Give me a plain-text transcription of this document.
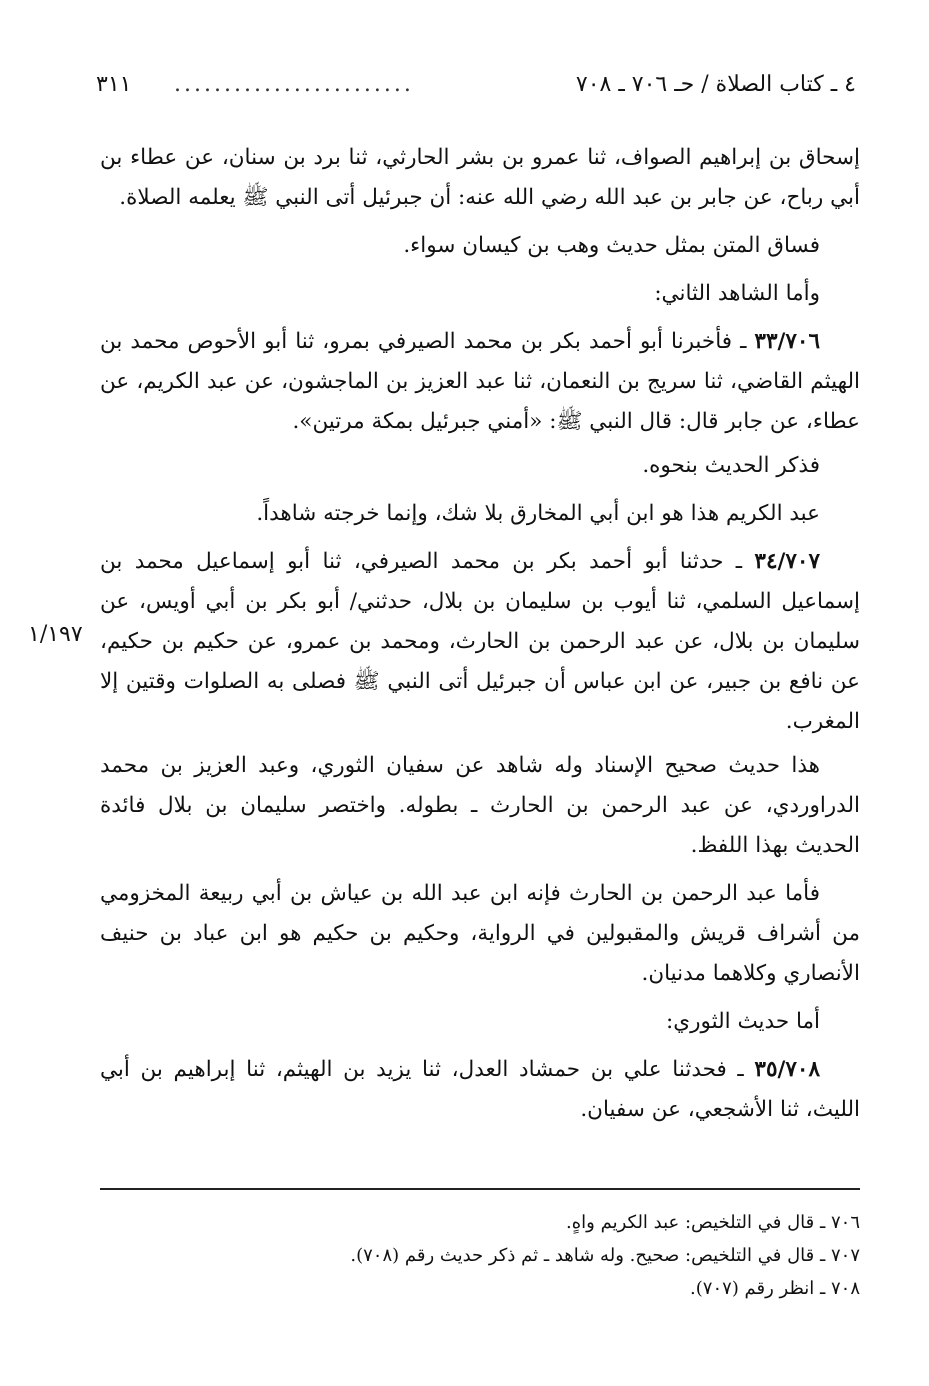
٤ ـ كتاب الصلاة / حـ ٧٠٦ ـ ٧٠٨
........................
٣١١
١/١٩٧

إسحاق بن إبراهيم الصواف، ثنا عمرو بن بشر الحارثي، ثنا برد بن سنان، عن عطاء بن أبي رباح، عن جابر بن عبد الله رضي الله عنه: أن جبرئيل أتى النبي ﷺ يعلمه الصلاة.

فساق المتن بمثل حديث وهب بن كيسان سواء.

وأما الشاهد الثاني:

٣٣/٧٠٦ ـ فأخبرنا أبو أحمد بكر بن محمد الصيرفي بمرو، ثنا أبو الأحوص محمد بن الهيثم القاضي، ثنا سريج بن النعمان، ثنا عبد العزيز بن الماجشون، عن عبد الكريم، عن عطاء، عن جابر قال: قال النبي ﷺ: «أمني جبرئيل بمكة مرتين».

فذكر الحديث بنحوه.

عبد الكريم هذا هو ابن أبي المخارق بلا شك، وإنما خرجته شاهداً.

٣٤/٧٠٧ ـ حدثنا أبو أحمد بكر بن محمد الصيرفي، ثنا أبو إسماعيل محمد بن إسماعيل السلمي، ثنا أيوب بن سليمان بن بلال، حدثني/ أبو بكر بن أبي أويس، عن سليمان بن بلال، عن عبد الرحمن بن الحارث، ومحمد بن عمرو، عن حكيم بن حكيم، عن نافع بن جبير، عن ابن عباس أن جبرئيل أتى النبي ﷺ فصلى به الصلوات وقتين إلا المغرب.

هذا حديث صحيح الإسناد وله شاهد عن سفيان الثوري، وعبد العزيز بن محمد الدراوردي، عن عبد الرحمن بن الحارث ـ بطوله. واختصر سليمان بن بلال فائدة الحديث بهذا اللفظ.

فأما عبد الرحمن بن الحارث فإنه ابن عبد الله بن عياش بن أبي ربيعة المخزومي من أشراف قريش والمقبولين في الرواية، وحكيم بن حكيم هو ابن عباد بن حنيف الأنصاري وكلاهما مدنيان.

أما حديث الثوري:

٣٥/٧٠٨ ـ فحدثنا علي بن حمشاد العدل، ثنا يزيد بن الهيثم، ثنا إبراهيم بن أبي الليث، ثنا الأشجعي، عن سفيان.

٧٠٦ ـ قال في التلخيص: عبد الكريم واهٍ.

٧٠٧ ـ قال في التلخيص: صحيح. وله شاهد ـ ثم ذكر حديث رقم (٧٠٨).

٧٠٨ ـ انظر رقم (٧٠٧).
